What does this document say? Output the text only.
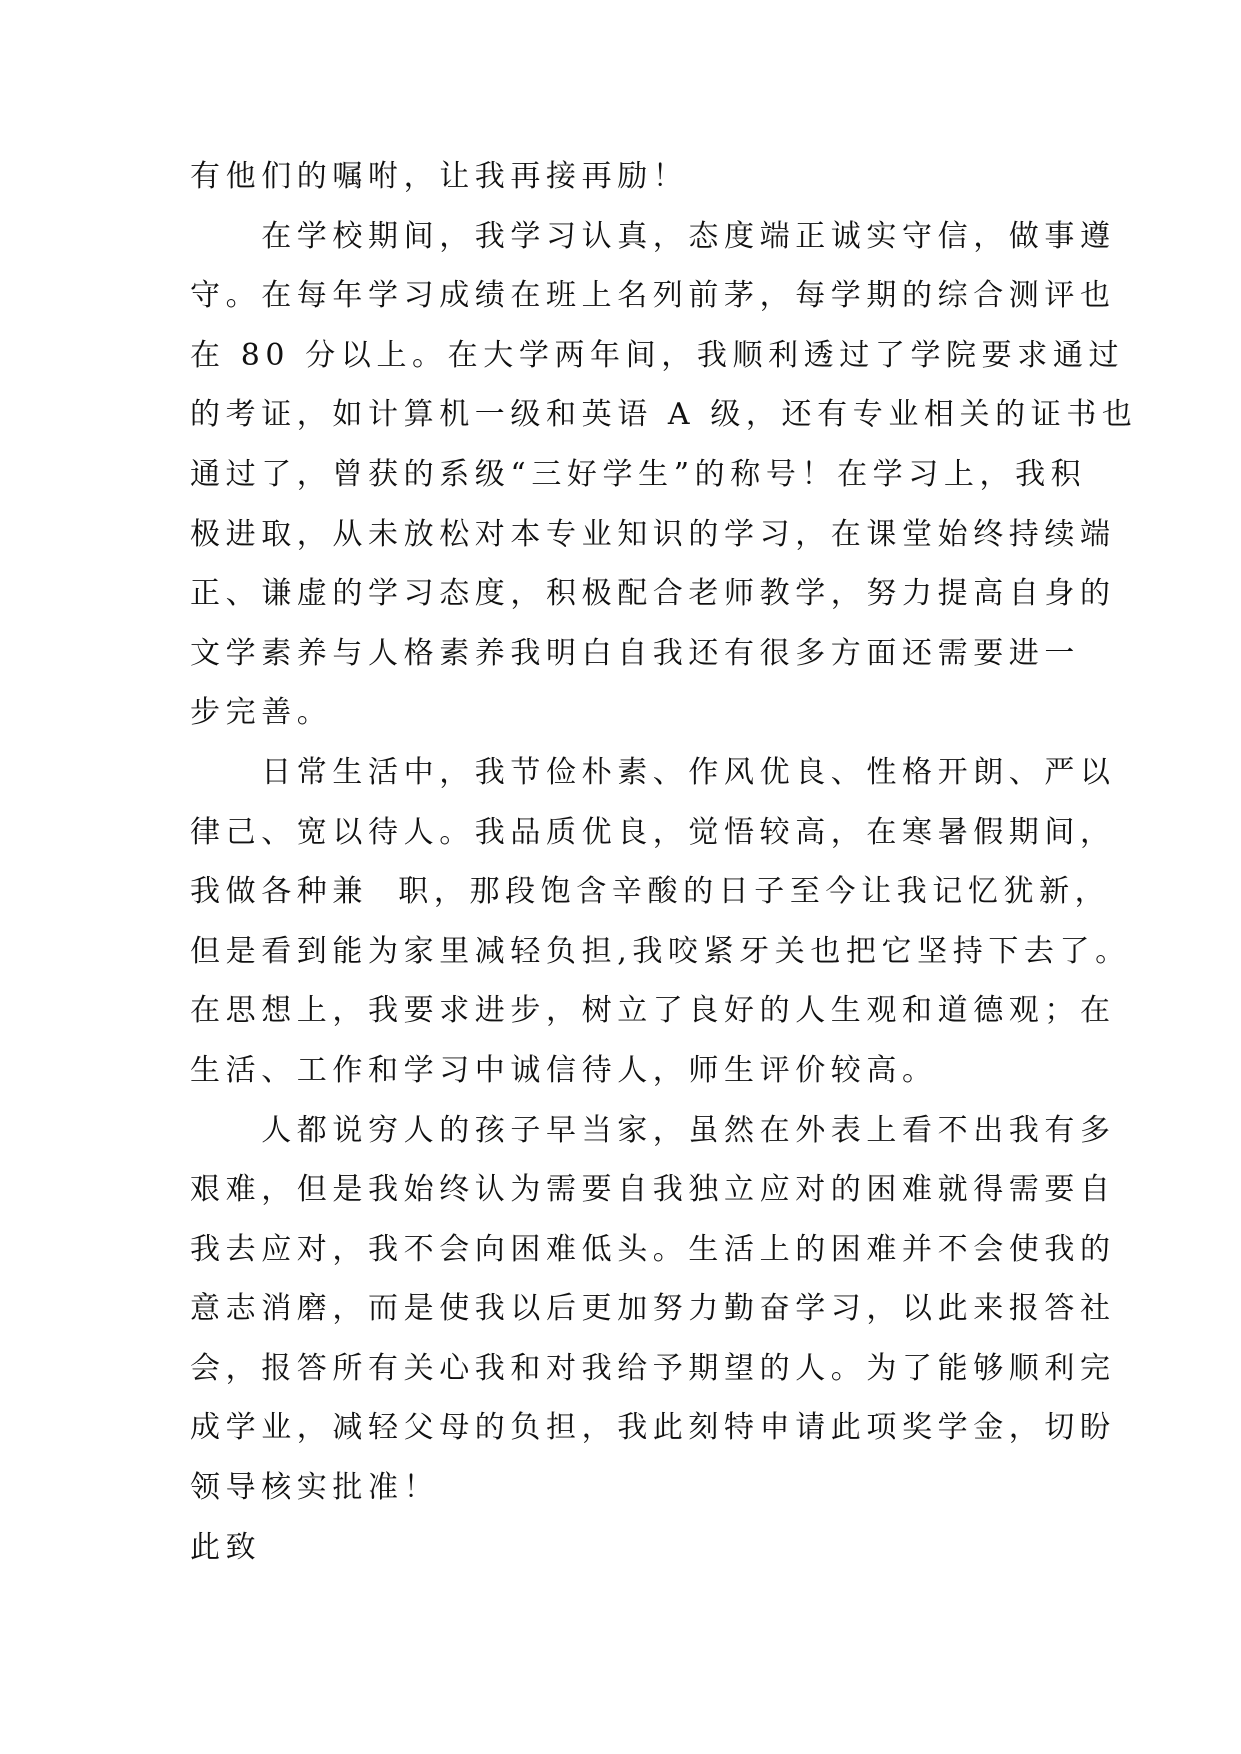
有他们的嘱咐，让我再接再励！
　　在学校期间，我学习认真，态度端正诚实守信，做事遵
守。在每年学习成绩在班上名列前茅，每学期的综合测评也
在 80 分以上。在大学两年间，我顺利透过了学院要求通过
的考证，如计算机一级和英语 A 级，还有专业相关的证书也
通过了，曾获的系级“三好学生”的称号！在学习上，我积
极进取，从未放松对本专业知识的学习，在课堂始终持续端
正、谦虚的学习态度，积极配合老师教学，努力提高自身的
文学素养与人格素养我明白自我还有很多方面还需要进一
步完善。
　　日常生活中，我节俭朴素、作风优良、性格开朗、严以
律己、宽以待人。我品质优良，觉悟较高，在寒暑假期间，
我做各种兼  职，那段饱含辛酸的日子至今让我记忆犹新，
但是看到能为家里减轻负担,我咬紧牙关也把它坚持下去了。
在思想上，我要求进步，树立了良好的人生观和道德观；在
生活、工作和学习中诚信待人，师生评价较高。
　　人都说穷人的孩子早当家，虽然在外表上看不出我有多
艰难，但是我始终认为需要自我独立应对的困难就得需要自
我去应对，我不会向困难低头。生活上的困难并不会使我的
意志消磨，而是使我以后更加努力勤奋学习，以此来报答社
会，报答所有关心我和对我给予期望的人。为了能够顺利完
成学业，减轻父母的负担，我此刻特申请此项奖学金，切盼
领导核实批准！
此致
